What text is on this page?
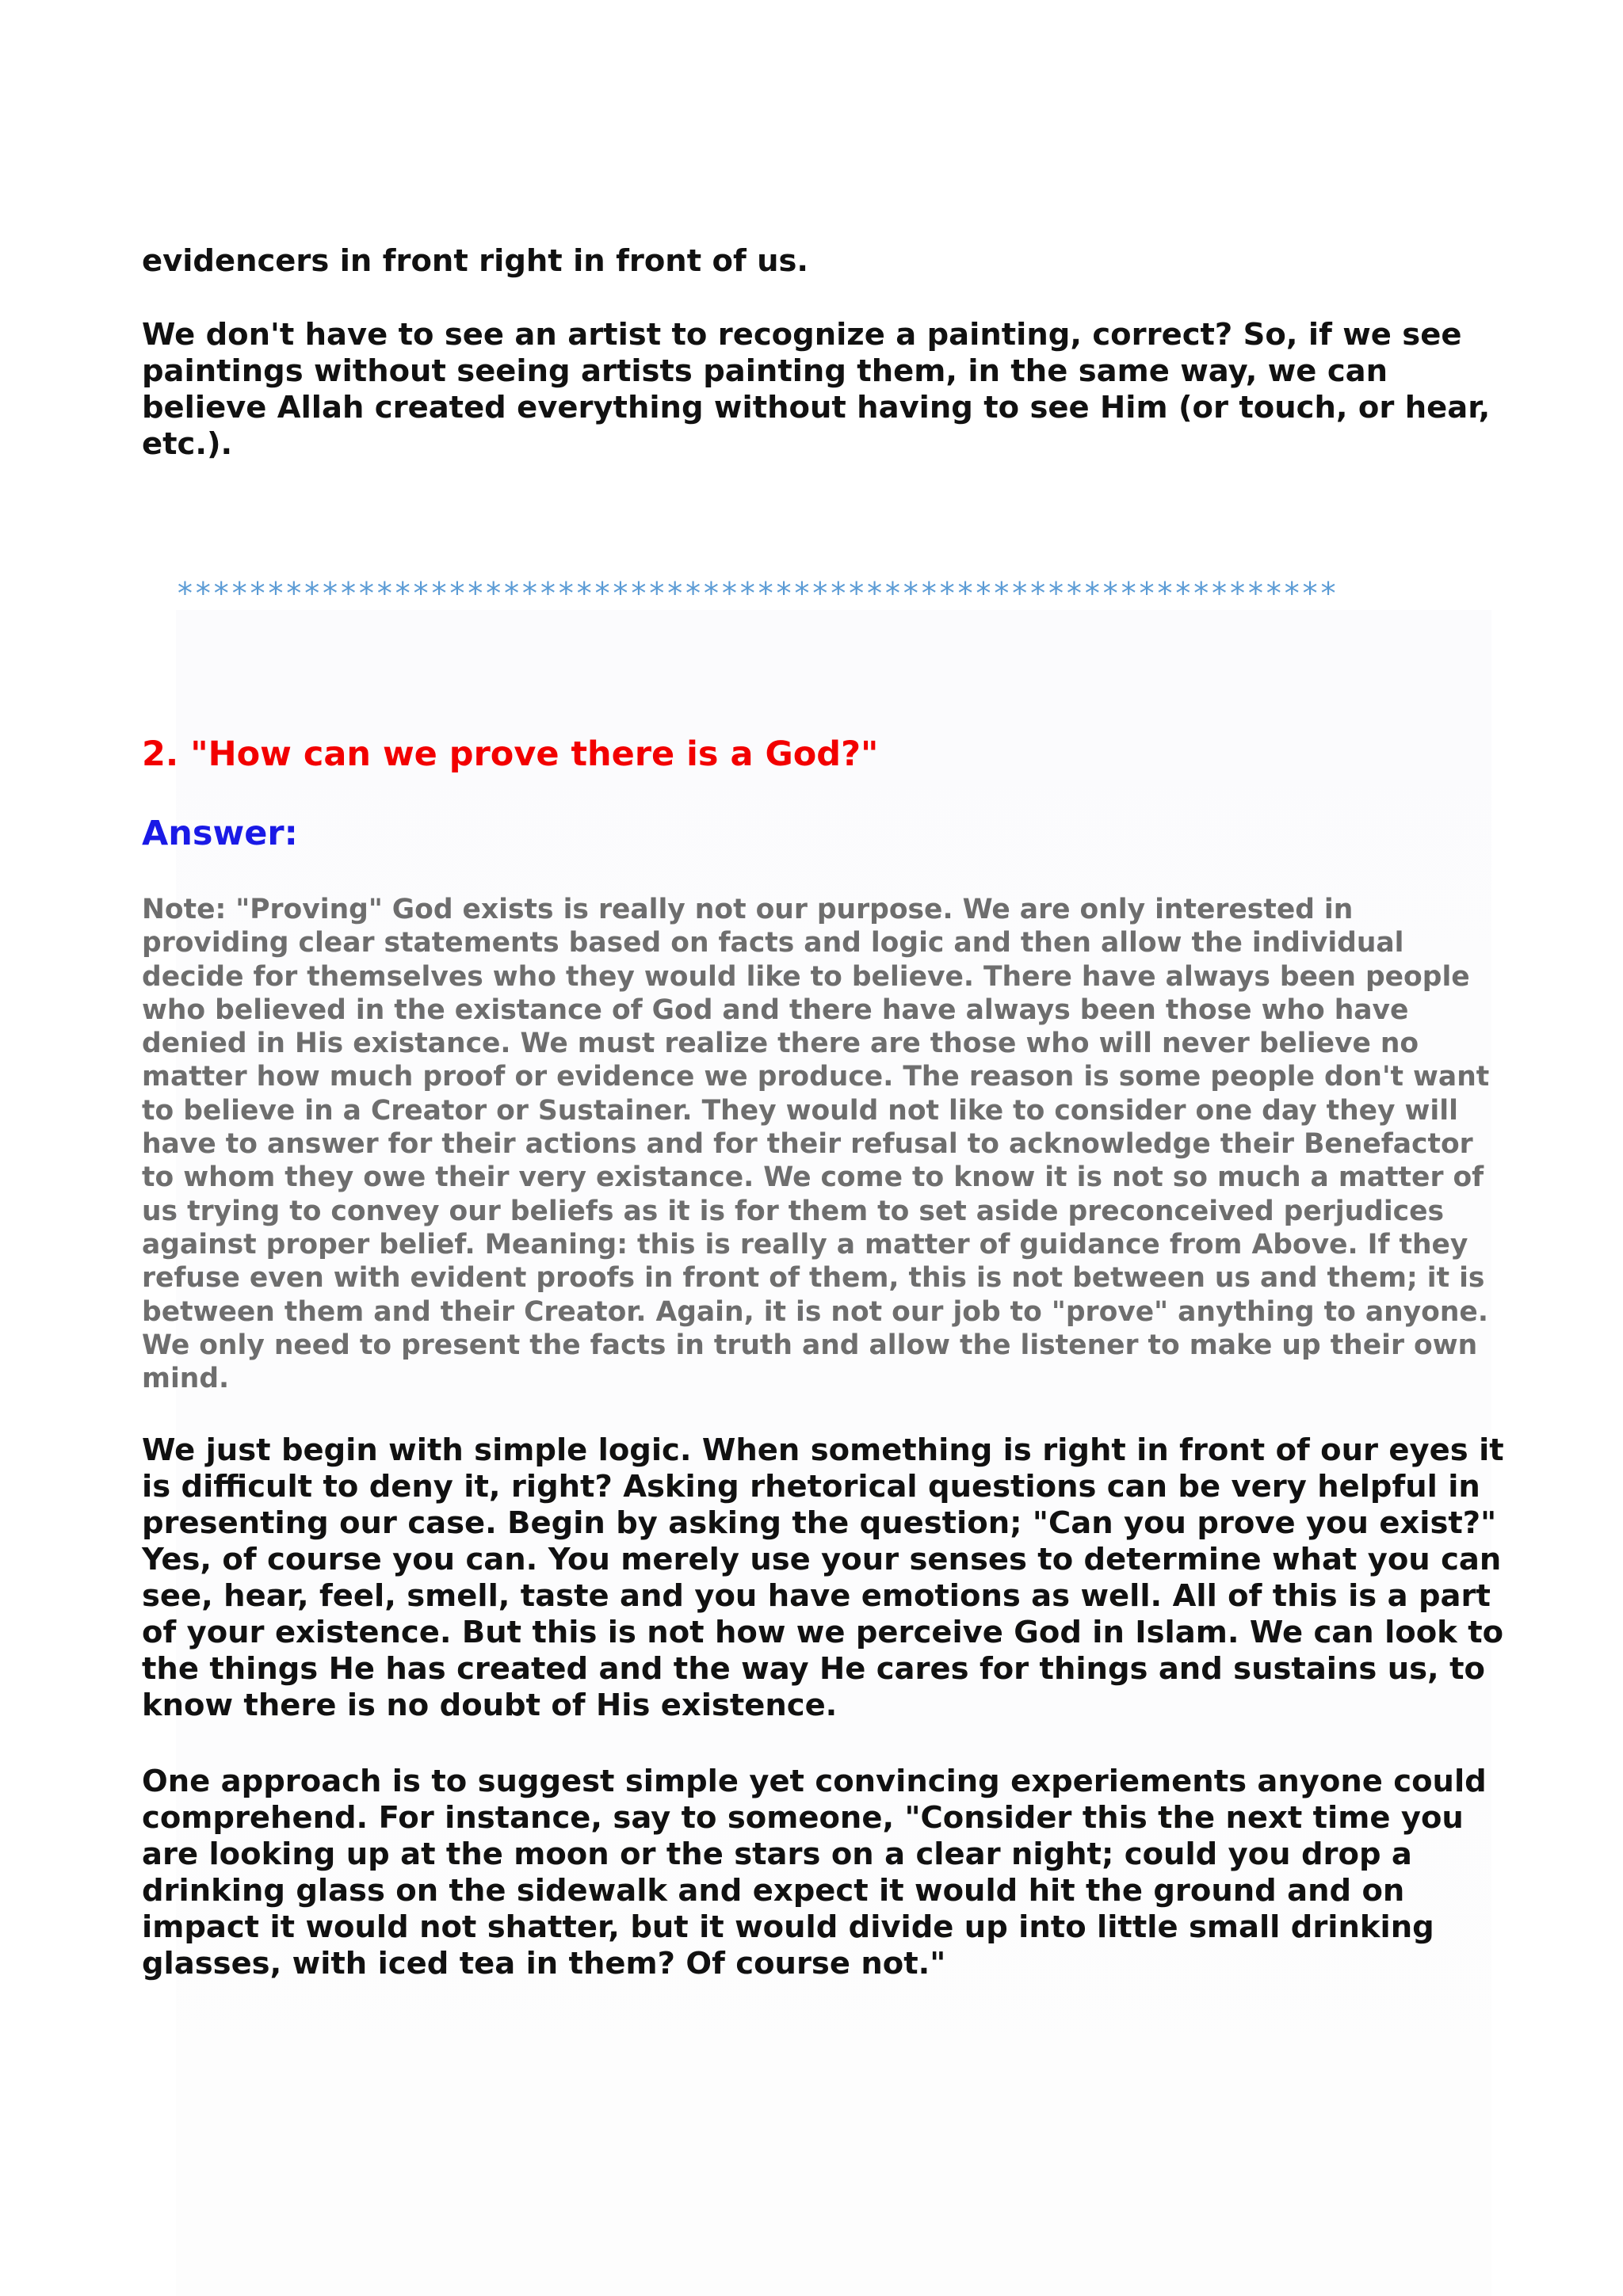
****************************************************************

evidencers in front right in front of us.

We don't have to see an artist to recognize a painting, correct? So, if we see
paintings without seeing artists painting them, in the same way, we can
believe Allah created everything without having to see Him (or touch, or hear,
etc.).

2. "How can we prove there is a God?"
Answer:

Note: "Proving" God exists is really not our purpose. We are only interested in
providing clear statements based on facts and logic and then allow the individual
decide for themselves who they would like to believe. There have always been people
who believed in the existance of God and there have always been those who have
denied in His existance. We must realize there are those who will never believe no
matter how much proof or evidence we produce. The reason is some people don't want
to believe in a Creator or Sustainer. They would not like to consider one day they will
have to answer for their actions and for their refusal to acknowledge their Benefactor
to whom they owe their very existance. We come to know it is not so much a matter of
us trying to convey our beliefs as it is for them to set aside preconceived perjudices
against proper belief. Meaning: this is really a matter of guidance from Above. If they
refuse even with evident proofs in front of them, this is not between us and them; it is
between them and their Creator. Again, it is not our job to "prove" anything to anyone.
We only need to present the facts in truth and allow the listener to make up their own
mind.

We just begin with simple logic. When something is right in front of our eyes it
is difficult to deny it, right? Asking rhetorical questions can be very helpful in
presenting our case. Begin by asking the question; "Can you prove you exist?"
Yes, of course you can. You merely use your senses to determine what you can
see, hear, feel, smell, taste and you have emotions as well. All of this is a part
of your existence. But this is not how we perceive God in Islam. We can look to
the things He has created and the way He cares for things and sustains us, to
know there is no doubt of His existence.

One approach is to suggest simple yet convincing experiements anyone could
comprehend. For instance, say to someone, "Consider this the next time you
are looking up at the moon or the stars on a clear night; could you drop a
drinking glass on the sidewalk and expect it would hit the ground and on
impact it would not shatter, but it would divide up into little small drinking
glasses, with iced tea in them? Of course not."
